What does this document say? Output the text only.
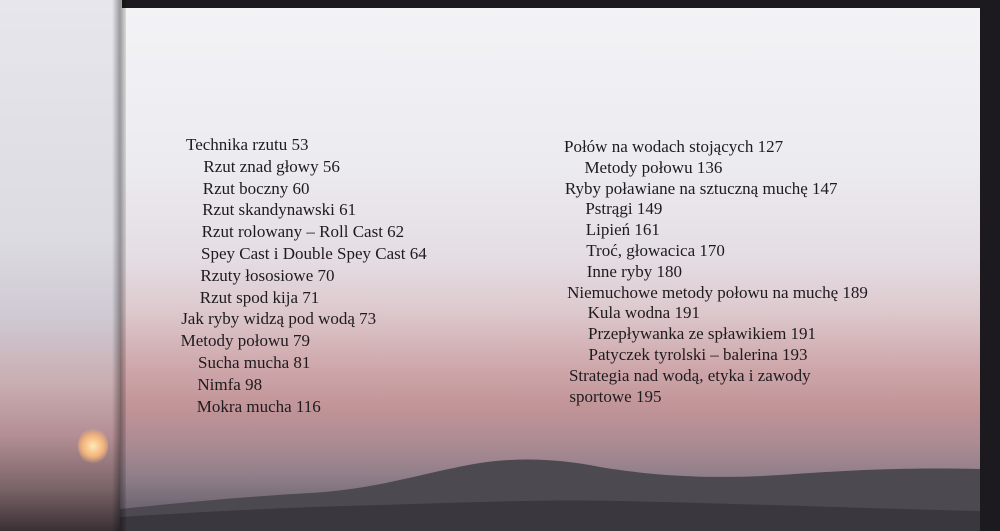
Technika rzutu 53
Rzut znad głowy 56
Rzut boczny 60
Rzut skandynawski 61
Rzut rolowany – Roll Cast 62
Spey Cast i Double Spey Cast 64
Rzuty łososiowe 70
Rzut spod kija 71
Jak ryby widzą pod wodą 73
Metody połowu 79
Sucha mucha 81
Nimfa 98
Mokra mucha 116
Połów na wodach stojących 127
Metody połowu 136
Ryby poławiane na sztuczną muchę 147
Pstrągi 149
Lipień 161
Troć, głowacica 170
Inne ryby 180
Niemuchowe metody połowu na muchę 189
Kula wodna 191
Przepływanka ze spławikiem 191
Patyczek tyrolski – balerina 193
Strategia nad wodą, etyka i zawody
sportowe 195
